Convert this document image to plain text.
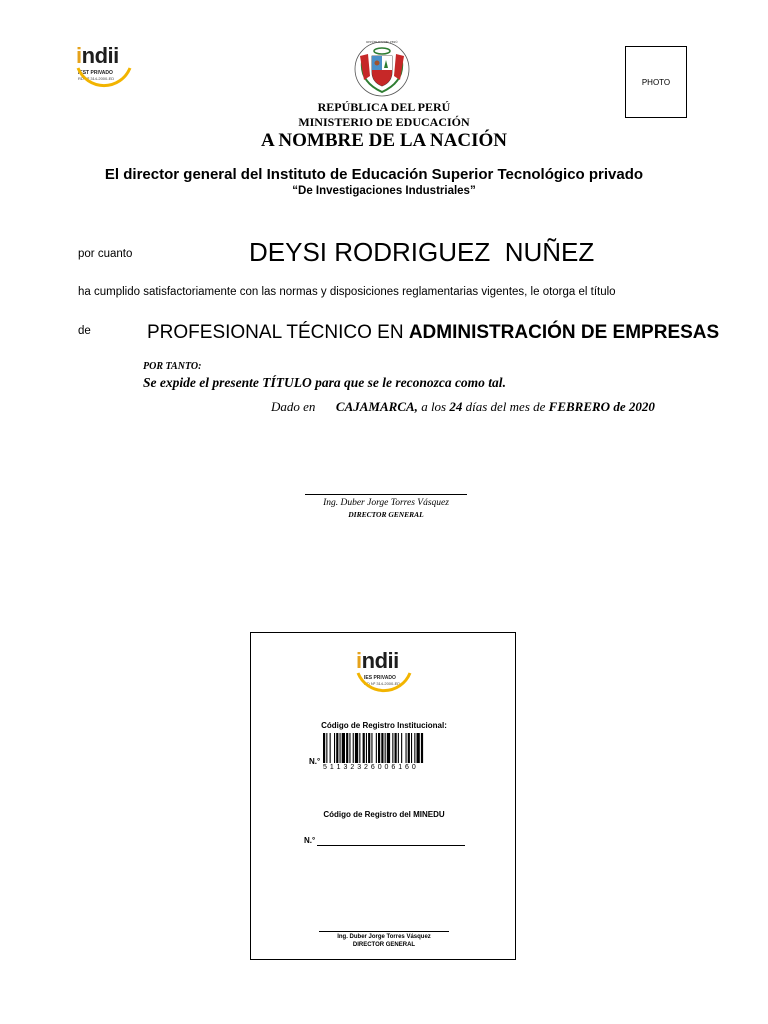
indii
IEST PRIVADO
RD Nº 314-2000-ED
REPÚBLICA DEL PERÚ
PHOTO
REPÚBLICA DEL PERÚ
MINISTERIO DE EDUCACIÓN
A NOMBRE DE LA NACIÓN
El director general del Instituto de Educación Superior Tecnológico privado
“De Investigaciones Industriales”
por cuanto	DEYSI RODRIGUEZ  NUÑEZ
ha cumplido satisfactoriamente con las normas y disposiciones reglamentarias vigentes, le otorga el título
de	PROFESIONAL TÉCNICO EN ADMINISTRACIÓN DE EMPRESAS
POR TANTO:
Se expide el presente TÍTULO para que se le reconozca como tal.
Dado en CAJAMARCA, a los 24 días del mes de FEBRERO de 2020
Ing. Duber Jorge Torres Vásquez
DIRECTOR GENERAL
indii
IES PRIVADO
RD Nº 314-2000-ED
Código de Registro Institucional:
N.°
5 1 1 3 2 3 2 6 0 0 6 1 6 0
Código de Registro del MINEDU
N.°
Ing. Duber Jorge Torres Vásquez
DIRECTOR GENERAL
